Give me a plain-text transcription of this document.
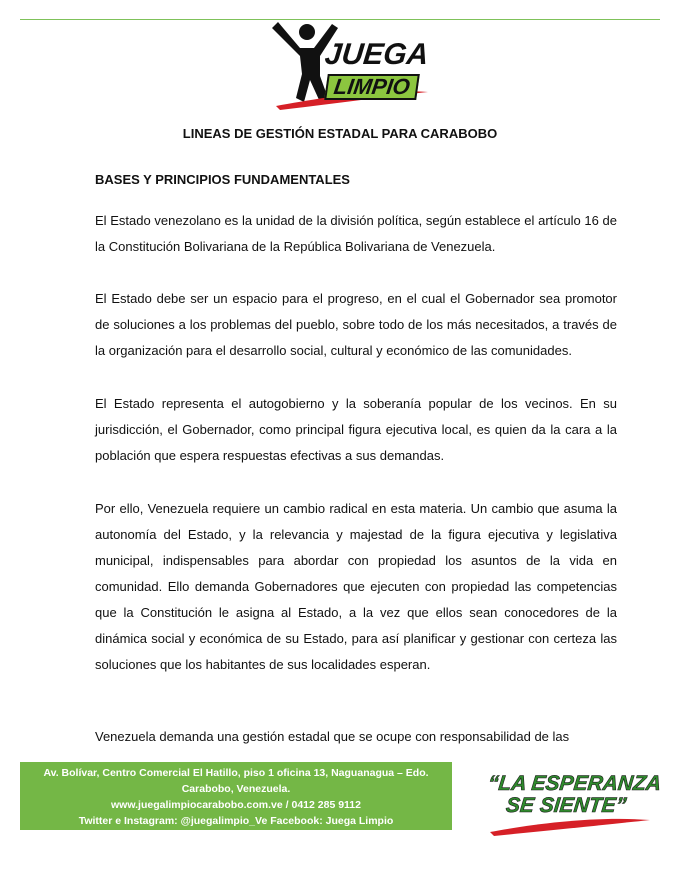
JUEGA
LIMPIO
LINEAS DE GESTIÓN ESTADAL PARA CARABOBO
BASES Y PRINCIPIOS FUNDAMENTALES

El Estado venezolano es la unidad de la división política, según establece el artículo 16 de la Constitución Bolivariana de la República Bolivariana de Venezuela.

El Estado debe ser un espacio para el progreso, en el cual el Gobernador sea promotor de soluciones a los problemas del pueblo, sobre todo de los más necesitados, a través de la organización para el desarrollo social, cultural y económico de las comunidades.

El Estado representa el autogobierno y la soberanía popular de los vecinos. En su jurisdicción, el Gobernador, como principal figura ejecutiva local, es quien da la cara a la población que espera respuestas efectivas a sus demandas.

Por ello, Venezuela requiere un cambio radical en esta materia. Un cambio que asuma la autonomía del Estado, y la relevancia y majestad de la figura ejecutiva y legislativa municipal, indispensables para abordar con propiedad los asuntos de la vida en comunidad. Ello demanda Gobernadores que ejecuten con propiedad las competencias que la Constitución le asigna al Estado, a la vez que ellos sean conocedores de la dinámica social y económica de su Estado, para así planificar y gestionar con certeza las soluciones que los habitantes de sus localidades esperan.

Venezuela demanda una gestión estadal que se ocupe con responsabilidad de las

Av. Bolívar, Centro Comercial El Hatillo, piso 1 oficina 13, Naguanagua – Edo.
Carabobo, Venezuela.
www.juegalimpiocarabobo.com.ve / 0412 285 9112
Twitter e Instagram: @juegalimpio_Ve Facebook: Juega Limpio
“LA ESPERANZA
SE SIENTE”
